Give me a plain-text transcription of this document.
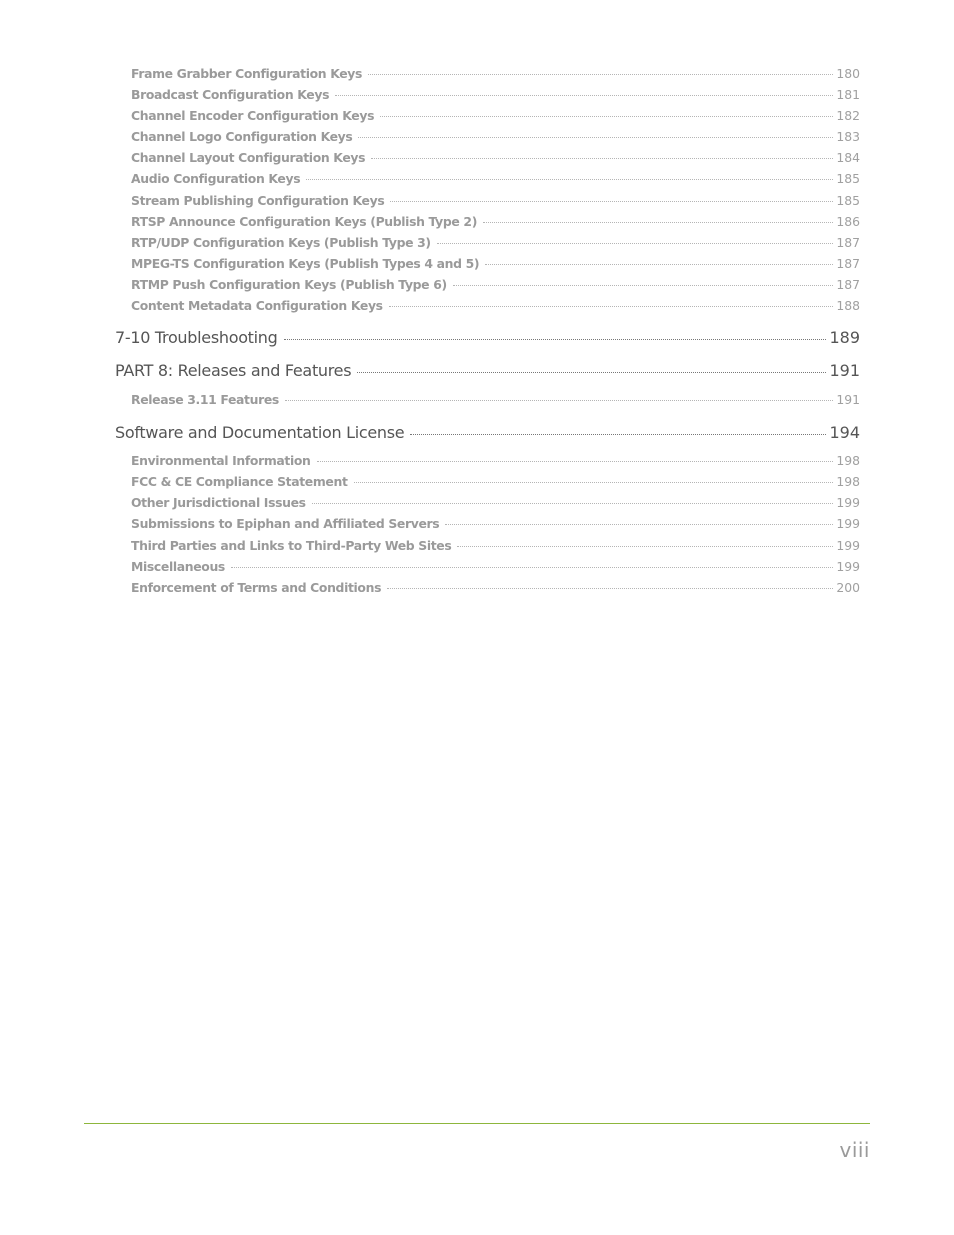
Frame Grabber Configuration Keys	180
Broadcast Configuration Keys	181
Channel Encoder Configuration Keys	182
Channel Logo Configuration Keys	183
Channel Layout Configuration Keys	184
Audio Configuration Keys	185
Stream Publishing Configuration Keys	185
RTSP Announce Configuration Keys (Publish Type 2)	186
RTP/UDP Configuration Keys (Publish Type 3)	187
MPEG-TS Configuration Keys (Publish Types 4 and 5)	187
RTMP Push Configuration Keys (Publish Type 6)	187
Content Metadata Configuration Keys	188
7-10 Troubleshooting	189
PART 8: Releases and Features	191
Release 3.11 Features	191
Software and Documentation License	194
Environmental Information	198
FCC & CE Compliance Statement	198
Other Jurisdictional Issues	199
Submissions to Epiphan and Affiliated Servers	199
Third Parties and Links to Third-Party Web Sites	199
Miscellaneous	199
Enforcement of Terms and Conditions	200
viii
